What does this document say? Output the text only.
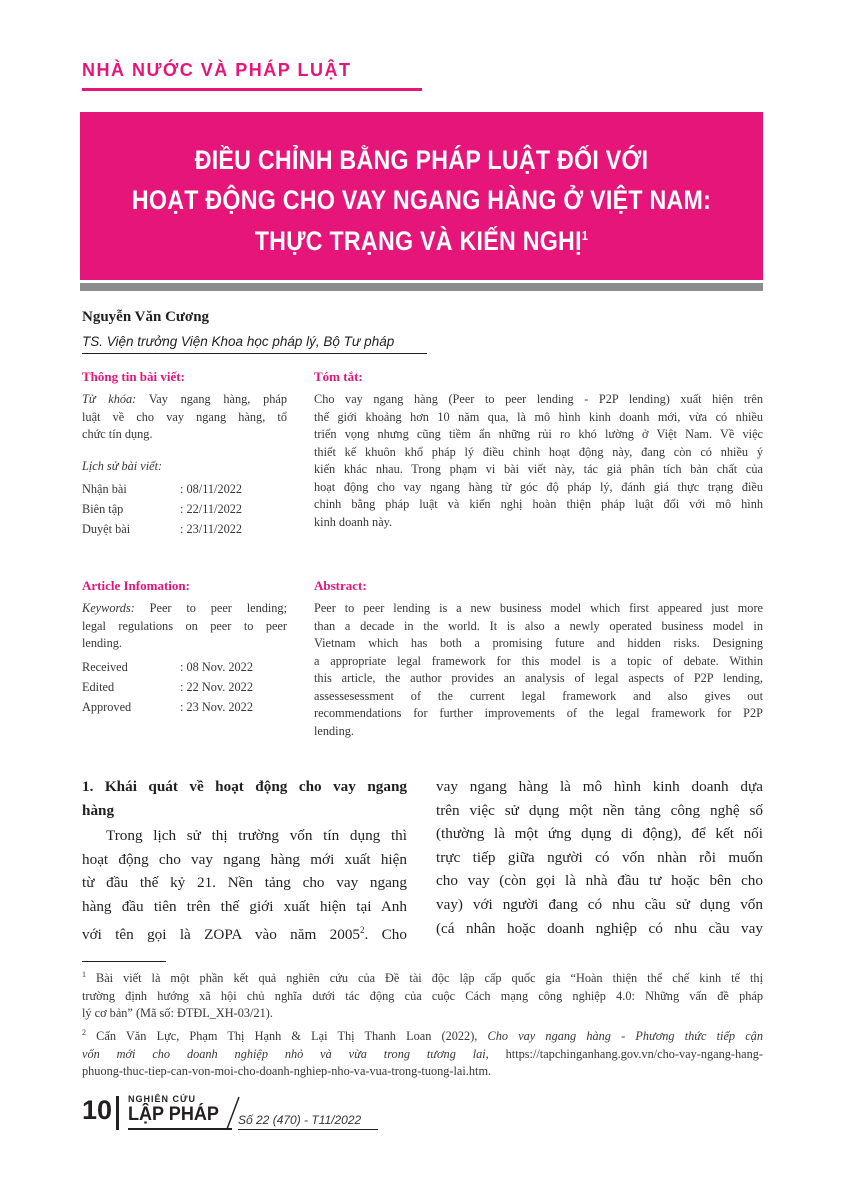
NHÀ NƯỚC VÀ PHÁP LUẬT
ĐIỀU CHỈNH BẰNG PHÁP LUẬT ĐỐI VỚI
HOẠT ĐỘNG CHO VAY NGANG HÀNG Ở VIỆT NAM:
THỰC TRẠNG VÀ KIẾN NGHỊ$^1$
Nguyễn Văn Cương
TS. Viện trưởng Viện Khoa học pháp lý, Bộ Tư pháp
Thông tin bài viết:
Từ khóa: Vay ngang hàng, pháp
luật về cho vay ngang hàng, tổ
chức tín dụng.
Lịch sử bài viết:
Nhận bài	: 08/11/2022
Biên tập	: 22/11/2022
Duyệt bài	: 23/11/2022
Tóm tắt:
Cho vay ngang hàng (Peer to peer lending - P2P lending) xuất hiện trên
thế giới khoảng hơn 10 năm qua, là mô hình kinh doanh mới, vừa có nhiều
triển vọng nhưng cũng tiềm ẩn những rủi ro khó lường ở Việt Nam. Về việc
thiết kế khuôn khổ pháp lý điều chỉnh hoạt động này, đang còn có nhiều ý
kiến khác nhau. Trong phạm vi bài viết này, tác giả phân tích bản chất của
hoạt động cho vay ngang hàng từ góc độ pháp lý, đánh giá thực trạng điều
chỉnh bằng pháp luật và kiến nghị hoàn thiện pháp luật đối với mô hình
kinh doanh này.
Article Infomation:
Keywords: Peer to peer lending;
legal regulations on peer to peer
lending.
Received	: 08 Nov. 2022
Edited	: 22 Nov. 2022
Approved	: 23 Nov. 2022
Abstract:
Peer to peer lending is a new business model which first appeared just more
than a decade in the world. It is also a newly operated business model in
Vietnam which has both a promising future and hidden risks. Designing
a appropriate legal framework for this model is a topic of debate. Within
this article, the author provides an analysis of legal aspects of P2P lending,
assessesessment of the current legal framework and also gives out
recommendations for further improvements of the legal framework for P2P
lending.
1. Khái quát về hoạt động cho vay ngang
hàng
Trong lịch sử thị trường vốn tín dụng thì
hoạt động cho vay ngang hàng mới xuất hiện
từ đầu thế kỷ 21. Nền tảng cho vay ngang
hàng đầu tiên trên thế giới xuất hiện tại Anh
với tên gọi là ZOPA vào năm 2005$^2$. Cho
vay ngang hàng là mô hình kinh doanh dựa
trên việc sử dụng một nền tảng công nghệ số
(thường là một ứng dụng di động), để kết nối
trực tiếp giữa người có vốn nhàn rỗi muốn
cho vay (còn gọi là nhà đầu tư hoặc bên cho
vay) với người đang có nhu cầu sử dụng vốn
(cá nhân hoặc doanh nghiệp có nhu cầu vay
$^1$ Bài viết là một phần kết quả nghiên cứu của Đề tài độc lập cấp quốc gia “Hoàn thiện thể chế kinh tế thị
trường định hướng xã hội chủ nghĩa dưới tác động của cuộc Cách mạng công nghiệp 4.0: Những vấn đề pháp
lý cơ bản” (Mã số: ĐTĐL_XH-03/21).
$^2$ Cấn Văn Lực, Phạm Thị Hạnh & Lại Thị Thanh Loan (2022), Cho vay ngang hàng - Phương thức tiếp cận
vốn mới cho doanh nghiệp nhỏ và vừa trong tương lai, https://tapchinganhang.gov.vn/cho-vay-ngang-hang-
phuong-thuc-tiep-can-von-moi-cho-doanh-nghiep-nho-va-vua-trong-tuong-lai.htm.
10 NGHIÊN CỨU
LẬP PHÁP Số 22 (470) - T11/2022
